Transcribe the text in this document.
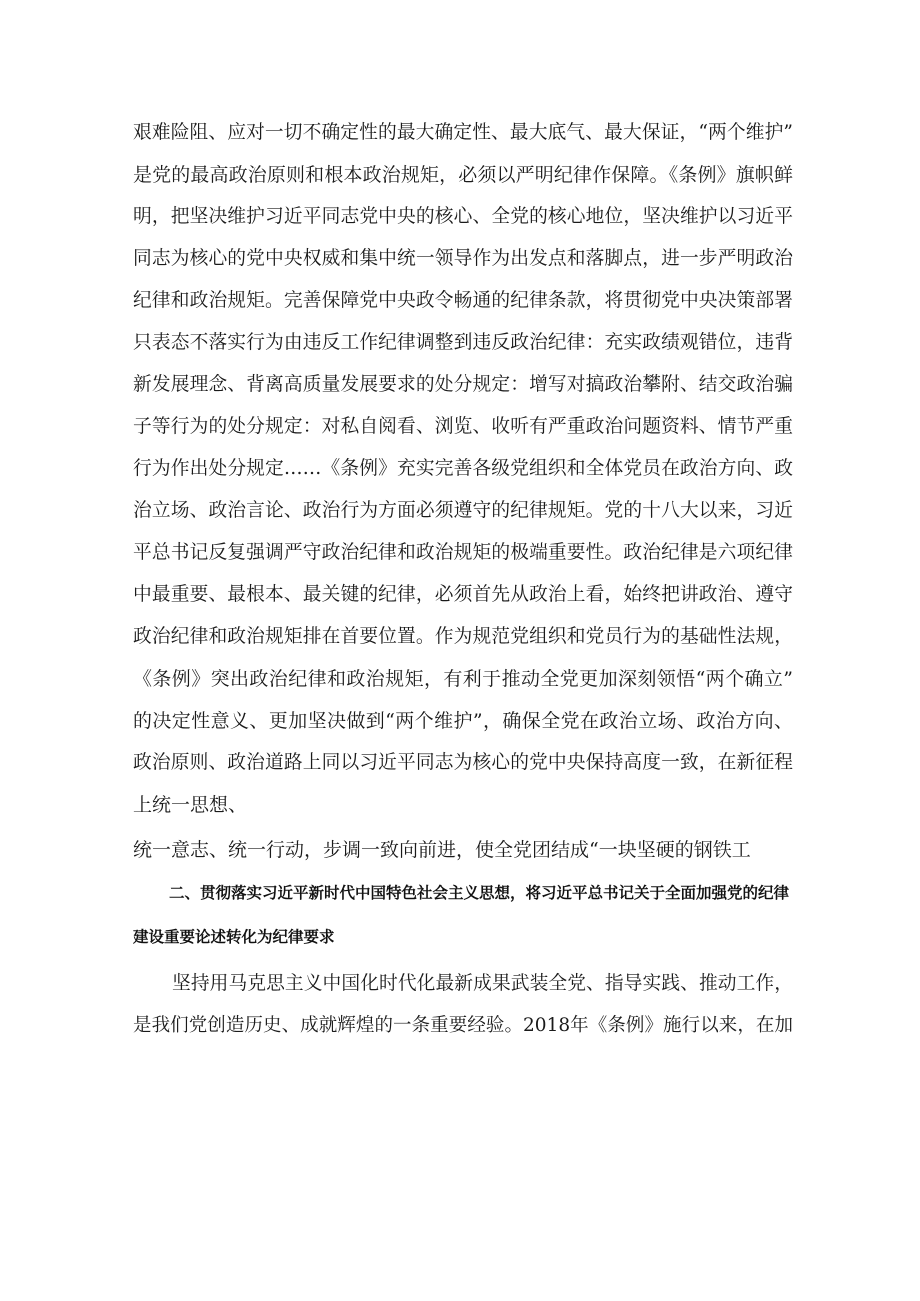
艰难险阻、应对一切不确定性的最大确定性、最大底气、最大保证，“两个维护”
是党的最高政治原则和根本政治规矩，必须以严明纪律作保障。《条例》旗帜鲜
明，把坚决维护习近平同志党中央的核心、全党的核心地位，坚决维护以习近平
同志为核心的党中央权威和集中统一领导作为出发点和落脚点，进一步严明政治
纪律和政治规矩。完善保障党中央政令畅通的纪律条款，将贯彻党中央决策部署
只表态不落实行为由违反工作纪律调整到违反政治纪律：充实政绩观错位，违背
新发展理念、背离高质量发展要求的处分规定：增写对搞政治攀附、结交政治骗
子等行为的处分规定：对私自阅看、浏览、收听有严重政治问题资料、情节严重
行为作出处分规定……《条例》充实完善各级党组织和全体党员在政治方向、政
治立场、政治言论、政治行为方面必须遵守的纪律规矩。党的十八大以来，习近
平总书记反复强调严守政治纪律和政治规矩的极端重要性。政治纪律是六项纪律
中最重要、最根本、最关键的纪律，必须首先从政治上看，始终把讲政治、遵守
政治纪律和政治规矩排在首要位置。作为规范党组织和党员行为的基础性法规，
《条例》突出政治纪律和政治规矩，有利于推动全党更加深刻领悟“两个确立”
的决定性意义、更加坚决做到“两个维护”，确保全党在政治立场、政治方向、
政治原则、政治道路上同以习近平同志为核心的党中央保持高度一致，在新征程
上统一思想、
统一意志、统一行动，步调一致向前进，使全党团结成“一块坚硬的钢铁工
二、贯彻落实习近平新时代中国特色社会主义思想，将习近平总书记关于全面加强党的纪律
建设重要论述转化为纪律要求
坚持用马克思主义中国化时代化最新成果武装全党、指导实践、推动工作，
是我们党创造历史、成就辉煌的一条重要经验。2018年《条例》施行以来，在加
